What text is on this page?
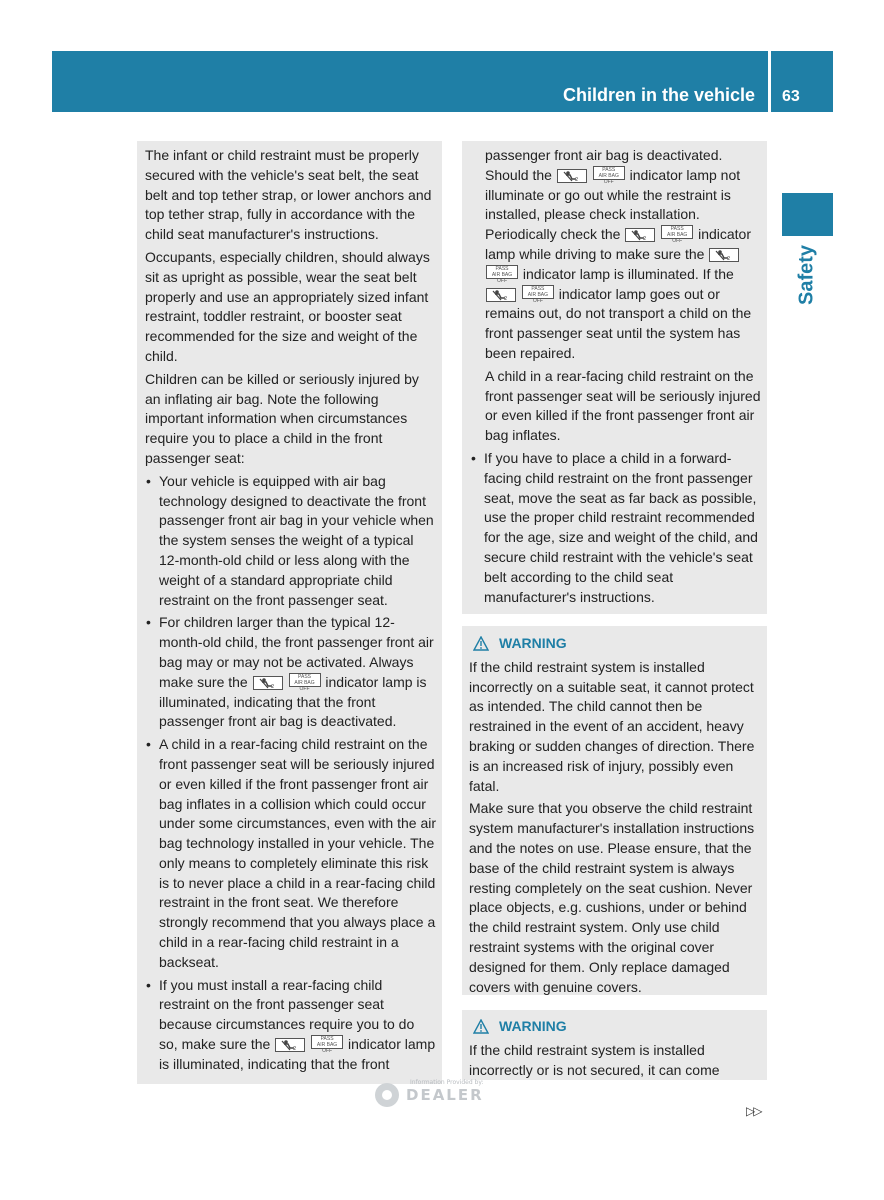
Children in the vehicle 63
Safety

The infant or child restraint must be properly secured with the vehicle's seat belt, the seat belt and top tether strap, or lower anchors and top tether strap, fully in accordance with the child seat manufacturer's instructions.

Occupants, especially children, should always sit as upright as possible, wear the seat belt properly and use an appropriately sized infant restraint, toddler restraint, or booster seat recommended for the size and weight of the child.

Children can be killed or seriously injured by an inflating air bag. Note the following important information when circumstances require you to place a child in the front passenger seat:

• Your vehicle is equipped with air bag technology designed to deactivate the front passenger front air bag in your vehicle when the system senses the weight of a typical 12-month-old child or less along with the weight of a standard appropriate child restraint on the front passenger seat.
• For children larger than the typical 12-month-old child, the front passenger front air bag may or may not be activated. Always make sure the	2
PASS
AIR BAG OFF indicator lamp is illuminated, indicating that the front passenger front air bag is deactivated.
• A child in a rear-facing child restraint on the front passenger seat will be seriously injured or even killed if the front passenger front air bag inflates in a collision which could occur under some circumstances, even with the air bag technology installed in your vehicle. The only means to completely eliminate this risk is to never place a child in a rear-facing child restraint in the front seat. We therefore strongly recommend that you always place a child in a rear-facing child restraint in a backseat.
• If you must install a rear-facing child restraint on the front passenger seat because circumstances require you to do so, make sure the	2
PASS
AIR BAG OFF indicator lamp is illuminated, indicating that the front

passenger front air bag is deactivated. Should the	2
PASS
AIR BAG OFF indicator lamp not illuminate or go out while the restraint is installed, please check installation. Periodically check the	2
PASS
AIR BAG OFF indicator lamp while driving to make sure the	2
PASS
AIR BAG OFF indicator lamp is illuminated. If the
2
PASS
AIR BAG OFF indicator lamp goes out or remains out, do not transport a child on the front passenger seat until the system has been repaired.

A child in a rear-facing child restraint on the front passenger seat will be seriously injured or even killed if the front passenger front air bag inflates.

• If you have to place a child in a forward-facing child restraint on the front passenger seat, move the seat as far back as possible, use the proper child restraint recommended for the age, size and weight of the child, and secure child restraint with the vehicle's seat belt according to the child seat manufacturer's instructions.
WARNING

If the child restraint system is installed incorrectly on a suitable seat, it cannot protect as intended. The child cannot then be restrained in the event of an accident, heavy braking or sudden changes of direction. There is an increased risk of injury, possibly even fatal.

Make sure that you observe the child restraint system manufacturer's installation instructions and the notes on use. Please ensure, that the base of the child restraint system is always resting completely on the seat cushion. Never place objects, e.g. cushions, under or behind the child restraint system. Only use child restraint systems with the original cover designed for them. Only replace damaged covers with genuine covers.

WARNING

If the child restraint system is installed incorrectly or is not secured, it can come

Information Provided by:
DEALER
▷▷
